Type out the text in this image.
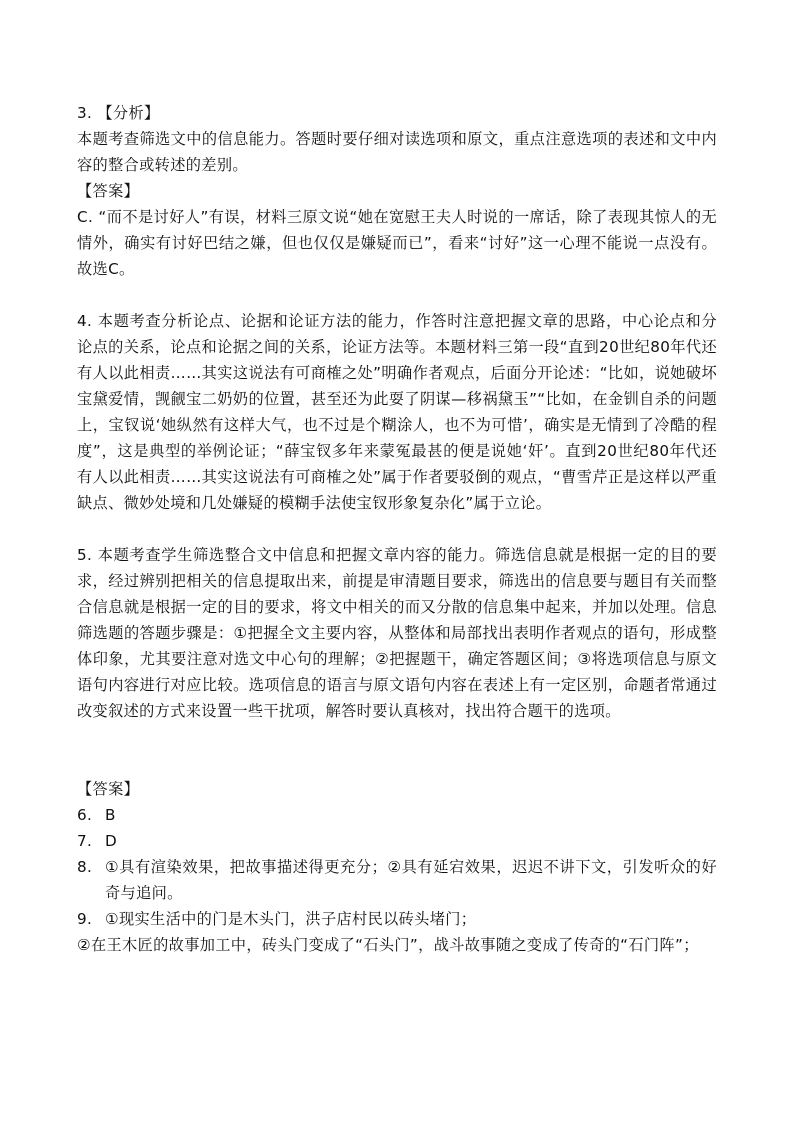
3. 【分析】

本题考查筛选文中的信息能力。答题时要仔细对读选项和原文，重点注意选项的表述和文中内容的整合或转述的差别。

【答案】

C. “而不是讨好人”有误，材料三原文说“她在宽慰王夫人时说的一席话，除了表现其惊人的无情外，确实有讨好巴结之嫌，但也仅仅是嫌疑而已”，看来“讨好”这一心理不能说一点没有。故选C。

4. 本题考查分析论点、论据和论证方法的能力，作答时注意把握文章的思路，中心论点和分论点的关系，论点和论据之间的关系，论证方法等。本题材料三第一段“直到20世纪80年代还有人以此相责……其实这说法有可商榷之处”明确作者观点，后面分开论述：“比如，说她破坏宝黛爱情，觊觎宝二奶奶的位置，甚至还为此耍了阴谋—移祸黛玉”“比如，在金钏自杀的问题上，宝钗说‘她纵然有这样大气，也不过是个糊涂人，也不为可惜’，确实是无情到了冷酷的程度”，这是典型的举例论证；“薛宝钗多年来蒙冤最甚的便是说她‘奸’。直到20世纪80年代还有人以此相责……其实这说法有可商榷之处”属于作者要驳倒的观点，“曹雪芹正是这样以严重缺点、微妙处境和几处嫌疑的模糊手法使宝钗形象复杂化”属于立论。

5. 本题考查学生筛选整合文中信息和把握文章内容的能力。筛选信息就是根据一定的目的要求，经过辨别把相关的信息提取出来，前提是审清题目要求，筛选出的信息要与题目有关而整合信息就是根据一定的目的要求，将文中相关的而又分散的信息集中起来，并加以处理。信息筛选题的答题步骤是：①把握全文主要内容，从整体和局部找出表明作者观点的语句，形成整体印象，尤其要注意对选文中心句的理解；②把握题干，确定答题区间；③将选项信息与原文语句内容进行对应比较。选项信息的语言与原文语句内容在表述上有一定区别，命题者常通过改变叙述的方式来设置一些干扰项，解答时要认真核对，找出符合题干的选项。

【答案】

6. B
7. D
8. ①具有渲染效果，把故事描述得更充分；②具有延宕效果，迟迟不讲下文，引发听众的好奇与追问。
9. ①现实生活中的门是木头门，洪子店村民以砖头堵门；

②在王木匠的故事加工中，砖头门变成了“石头门”，战斗故事随之变成了传奇的“石门阵”；
